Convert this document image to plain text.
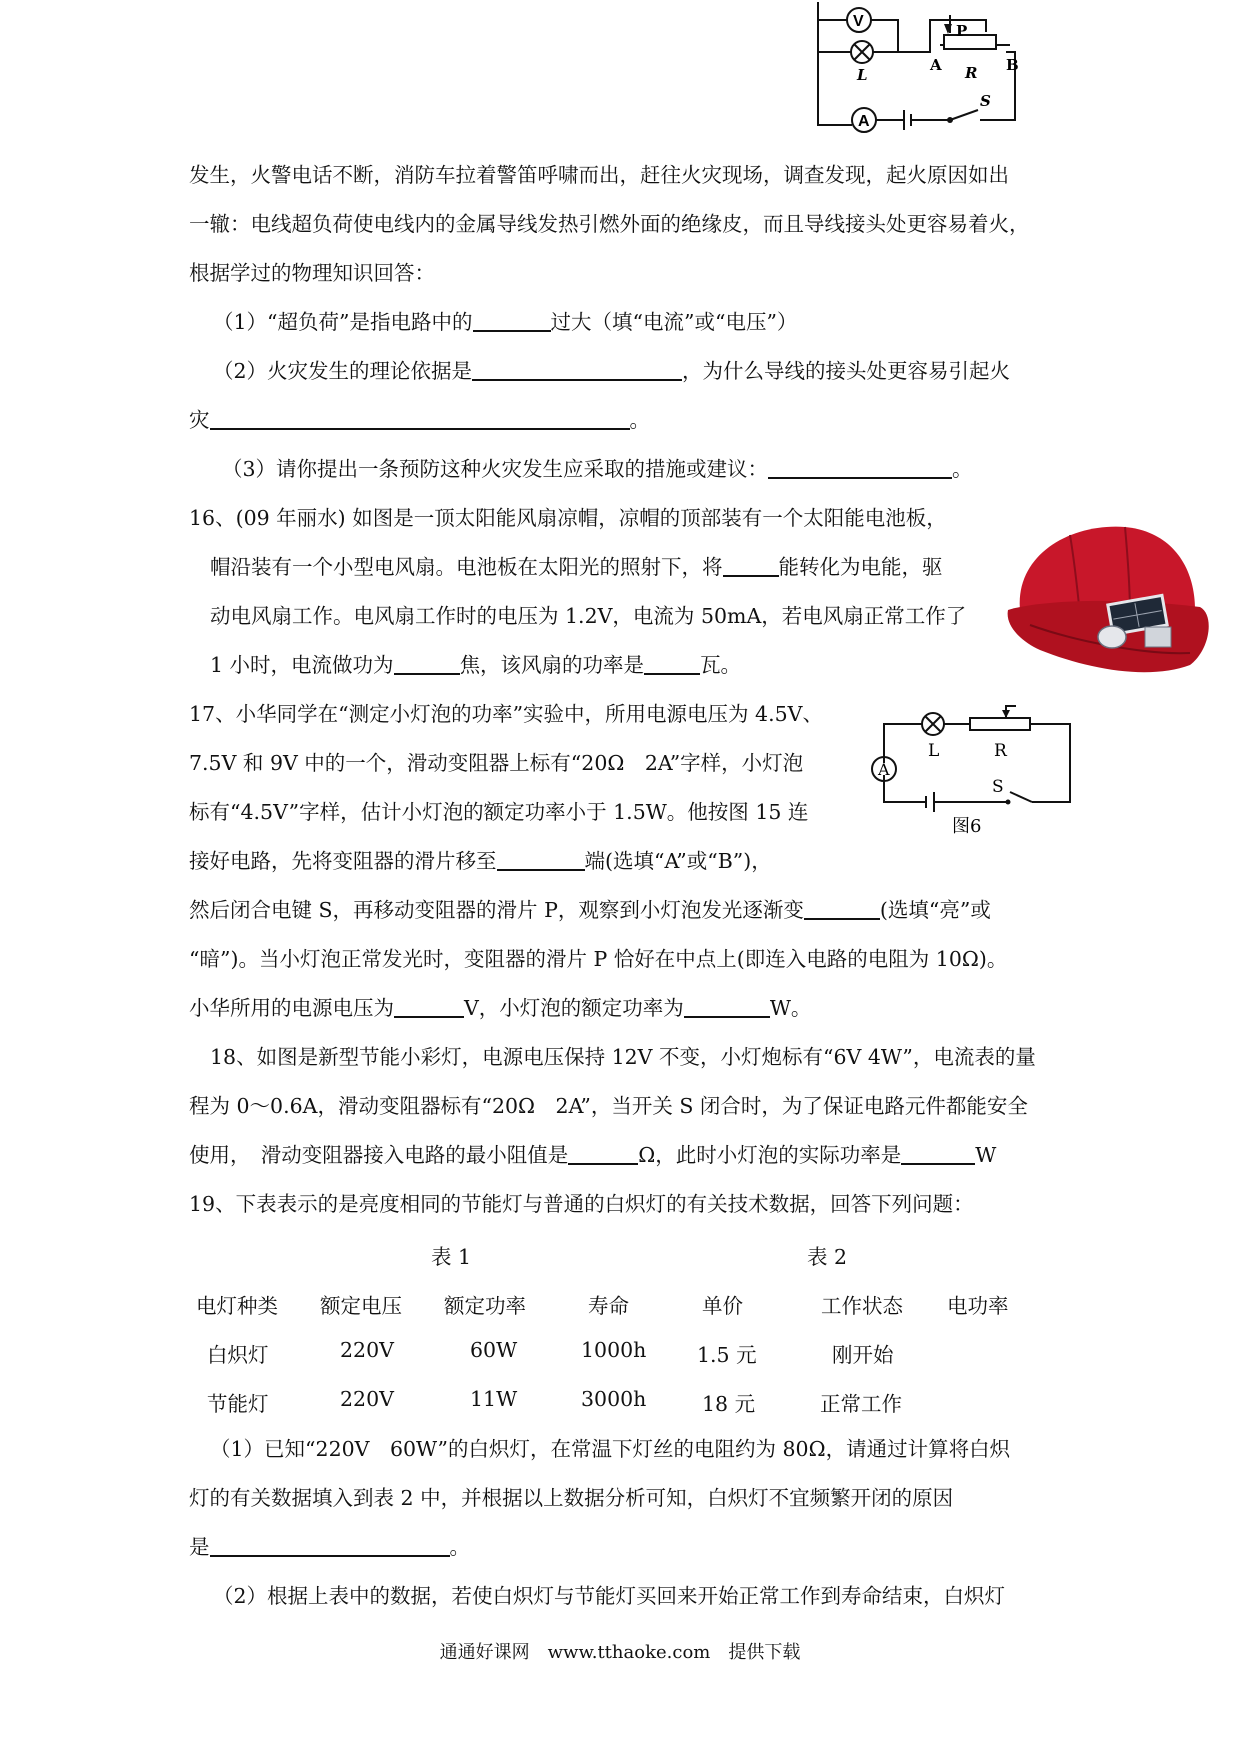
V
L
A
P
A R B
S
发生，火警电话不断，消防车拉着警笛呼啸而出，赶往火灾现场，调查发现，起火原因如出
一辙：电线超负荷使电线内的金属导线发热引燃外面的绝缘皮，而且导线接头处更容易着火，
根据学过的物理知识回答：
（1）“超负荷”是指电路中的	过大（填“电流”或“电压”）
（2）火灾发生的理论依据是	，为什么导线的接头处更容易引起火
灾	。
（3）请你提出一条预防这种火灾发生应采取的措施或建议：	。
16、(09 年丽水) 如图是一顶太阳能风扇凉帽，凉帽的顶部装有一个太阳能电池板，
帽沿装有一个小型电风扇。电池板在太阳光的照射下，将	能转化为电能，驱
动电风扇工作。电风扇工作时的电压为 1.2V，电流为 50mA，若电风扇正常工作了
1 小时，电流做功为	焦，该风扇的功率是	瓦。
L	R
A
S
图6
17、小华同学在“测定小灯泡的功率”实验中，所用电源电压为 4.5V、
7.5V 和 9V 中的一个，滑动变阻器上标有“20Ω　2A”字样，小灯泡
标有“4.5V”字样，估计小灯泡的额定功率小于 1.5W。他按图 15 连
接好电路，先将变阻器的滑片移至	端(选填“A”或“B”)，
然后闭合电键 S，再移动变阻器的滑片 P，观察到小灯泡发光逐渐变	(选填“亮”或
“暗”)。当小灯泡正常发光时，变阻器的滑片 P 恰好在中点上(即连入电路的电阻为 10Ω)。
小华所用的电源电压为	V，小灯泡的额定功率为	W。
18、如图是新型节能小彩灯，电源电压保持 12V 不变，小灯炮标有“6V 4W”，电流表的量
程为 0～0.6A，滑动变阻器标有“20Ω　2A”，当开关 S 闭合时，为了保证电路元件都能安全
使用，　滑动变阻器接入电路的最小阻值是	Ω，此时小灯泡的实际功率是	W
19、下表表示的是亮度相同的节能灯与普通的白炽灯的有关技术数据，回答下列问题：
表 1	表 2
电灯种类 额定电压 额定功率	寿命	单价	工作状态 电功率
白炽灯	220V	60W	1000h 1.5 元	刚开始
节能灯	220V	11W	3000h	18 元	正常工作
（1）已知“220V　60W”的白炽灯，在常温下灯丝的电阻约为 80Ω，请通过计算将白炽
灯的有关数据填入到表 2 中，并根据以上数据分析可知，白炽灯不宜频繁开闭的原因
是	。
（2）根据上表中的数据，若使白炽灯与节能灯买回来开始正常工作到寿命结束，白炽灯
通通好课网　www.tthaoke.com　提供下载
